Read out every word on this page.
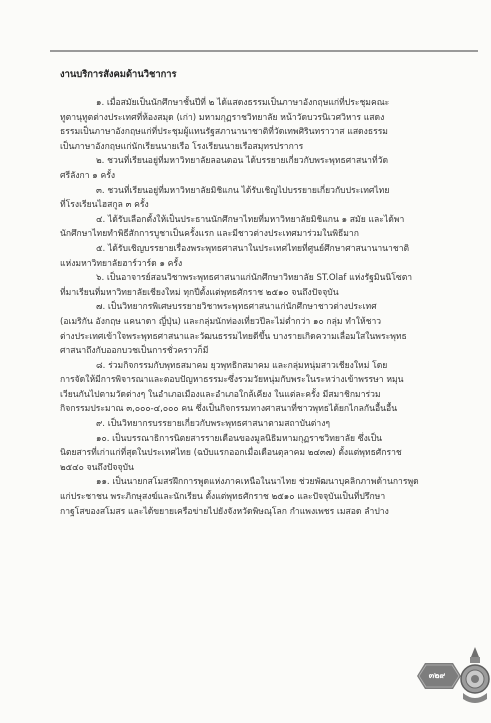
งานบริการสังคมด้านวิชาการ

๑. เมื่อสมัยเป็นนักศึกษาชั้นปีที่ ๒ ได้แสดงธรรมเป็นภาษาอังกฤษแก่ที่ประชุมคณะ
ทูตานุทูตต่างประเทศที่ห้องสมุด (เก่า) มหามกุฏราชวิทยาลัย หน้าวัดบวรนิเวศวิหาร แสดง
ธรรมเป็นภาษาอังกฤษแก่ที่ประชุมผู้แทนรัฐสภานานาชาติที่วัดเทพศิรินทราวาส แสดงธรรม
เป็นภาษาอังกฤษแก่นักเรียนนายเรือ โรงเรียนนายเรือสมุทรปราการ

๒. ชวนที่เรียนอยู่ที่มหาวิทยาลัยลอนดอน ได้บรรยายเกี่ยวกับพระพุทธศาสนาที่วัด
ศรีลังกา ๑ ครั้ง

๓. ชวนที่เรียนอยู่ที่มหาวิทยาลัยมิชิแกน ได้รับเชิญไปบรรยายเกี่ยวกับประเทศไทย
ที่โรงเรียนไฮสกูล ๓ ครั้ง

๔. ได้รับเลือกตั้งให้เป็นประธานนักศึกษาไทยที่มหาวิทยาลัยมิชิแกน ๑ สมัย และได้พา
นักศึกษาไทยทำพิธีสักการบูชาเป็นครั้งแรก และมีชาวต่างประเทศมาร่วมในพิธีมาก

๕. ได้รับเชิญบรรยายเรื่องพระพุทธศาสนาในประเทศไทยที่ศูนย์ศึกษาศาสนานานาชาติ
แห่งมหาวิทยาลัยฮาร์วาร์ด ๑ ครั้ง

๖. เป็นอาจารย์สอนวิชาพระพุทธศาสนาแก่นักศึกษาวิทยาลัย ST.Olaf แห่งรัฐมินนิโซตา
ที่มาเรียนที่มหาวิทยาลัยเชียงใหม่ ทุกปีตั้งแต่พุทธศักราช ๒๕๑๐ จนถึงปัจจุบัน

๗. เป็นวิทยากรพิเศษบรรยายวิชาพระพุทธศาสนาแก่นักศึกษาชาวต่างประเทศ
(อเมริกัน อังกฤษ แคนาดา ญี่ปุ่น) และกลุ่มนักท่องเที่ยวปีละไม่ต่ำกว่า ๑๐ กลุ่ม ทำให้ชาว
ต่างประเทศเข้าใจพระพุทธศาสนาและวัฒนธรรมไทยดีขึ้น บางรายเกิดความเลื่อมใสในพระพุทธ
ศาสนาถึงกับออกบวชเป็นการชั่วคราวก็มี

๘. ร่วมกิจกรรมกับพุทธสมาคม ยุวพุทธิกสมาคม และกลุ่มหนุ่มสาวเชียงใหม่ โดย
การจัดให้มีการพิจารณาและตอบปัญหาธรรมะซึ่งรวมวัยหนุ่มกับพระในระหว่างเข้าพรรษา หมุน
เวียนกันไปตามวัดต่างๆ ในอำเภอเมืองและอำเภอใกล้เคียง ในแต่ละครั้ง มีสมาชิกมาร่วม
กิจกรรมประมาณ ๓,๐๐๐-๔,๐๐๐ คน ซึ่งเป็นกิจกรรมทางศาสนาที่ชาวพุทธได้ยกไกลกันอื้นอื้น

๙. เป็นวิทยากรบรรยายเกี่ยวกับพระพุทธศาสนาตามสถาบันต่างๆ

๑๐. เป็นบรรณาธิการนิตยสารรายเดือนของมูลนิธิมหามกุฏราชวิทยาลัย ซึ่งเป็น
นิตยสารที่เก่าแก่ที่สุดในประเทศไทย (ฉบับแรกออกเมื่อเดือนตุลาคม ๒๔๓๗) ตั้งแต่พุทธศักราช
๒๕๔๐ จนถึงปัจจุบัน

๑๑. เป็นนายกสโมสรฝึกการพูดแห่งภาคเหนือในนาไทย ช่วยพัฒนาบุคลิกภาพด้านการพูด
แก่ประชาชน พระภิกษุสงฆ์และนักเรียน ตั้งแต่พุทธศักราช ๒๕๑๐ และปัจจุบันเป็นที่ปรึกษา
กาฐโสของสโมสร และได้ขยายเครือข่ายไปยังจังหวัดพิษณุโลก กำแพงเพชร เมสอด ลำปาง

๓๒๙
